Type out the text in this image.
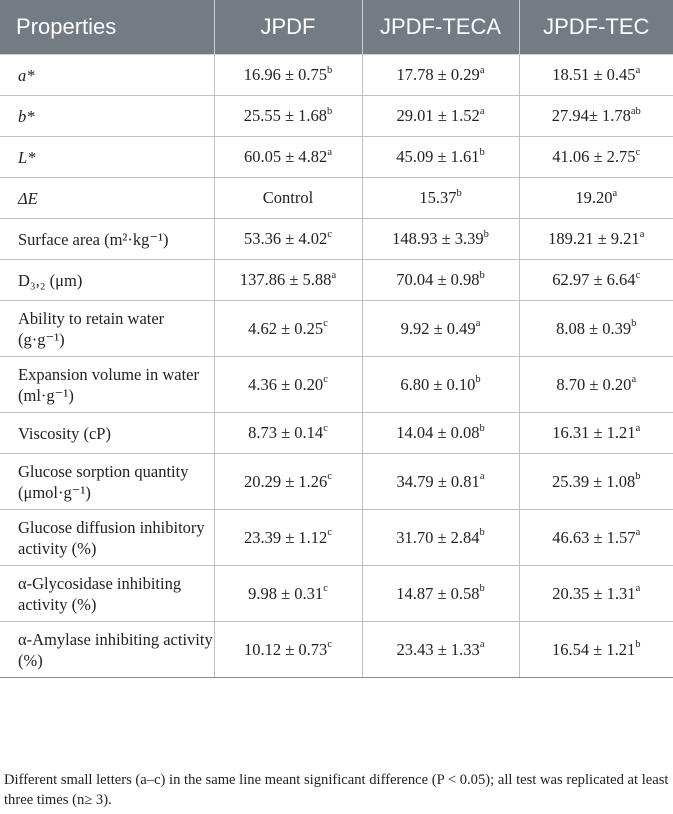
Properties	JPDF	JPDF-TECA	JPDF-TEC
a*	16.96 ± 0.75$^b$	17.78 ± 0.29$^a$	18.51 ± 0.45$^a$
b*	25.55 ± 1.68$^b$	29.01 ± 1.52$^a$	27.94± 1.78$^{ab}$
L*	60.05 ± 4.82$^a$	45.09 ± 1.61$^b$	41.06 ± 2.75$^c$
ΔE	Control	15.37$^b$	19.20$^a$
Surface area (m²·kg⁻¹)	53.36 ± 4.02$^c$	148.93 ± 3.39$^b$	189.21 ± 9.21$^a$
D₃,₂ (μm)	137.86 ± 5.88$^a$	70.04 ± 0.98$^b$	62.97 ± 6.64$^c$
Ability to retain water (g·g⁻¹)	4.62 ± 0.25$^c$	9.92 ± 0.49$^a$	8.08 ± 0.39$^b$
Expansion volume in water (ml·g⁻¹)	4.36 ± 0.20$^c$	6.80 ± 0.10$^b$	8.70 ± 0.20$^a$
Viscosity (cP)	8.73 ± 0.14$^c$	14.04 ± 0.08$^b$	16.31 ± 1.21$^a$
Glucose sorption quantity (μmol·g⁻¹)	20.29 ± 1.26$^c$	34.79 ± 0.81$^a$	25.39 ± 1.08$^b$
Glucose diffusion inhibitory activity (%)	23.39 ± 1.12$^c$	31.70 ± 2.84$^b$	46.63 ± 1.57$^a$
α-Glycosidase inhibiting activity (%)	9.98 ± 0.31$^c$	14.87 ± 0.58$^b$	20.35 ± 1.31$^a$
α-Amylase inhibiting activity (%)	10.12 ± 0.73$^c$	23.43 ± 1.33$^a$	16.54 ± 1.21$^b$
Different small letters (a–c) in the same line meant significant difference (P < 0.05); all test was replicated at least three times (n≥ 3).
